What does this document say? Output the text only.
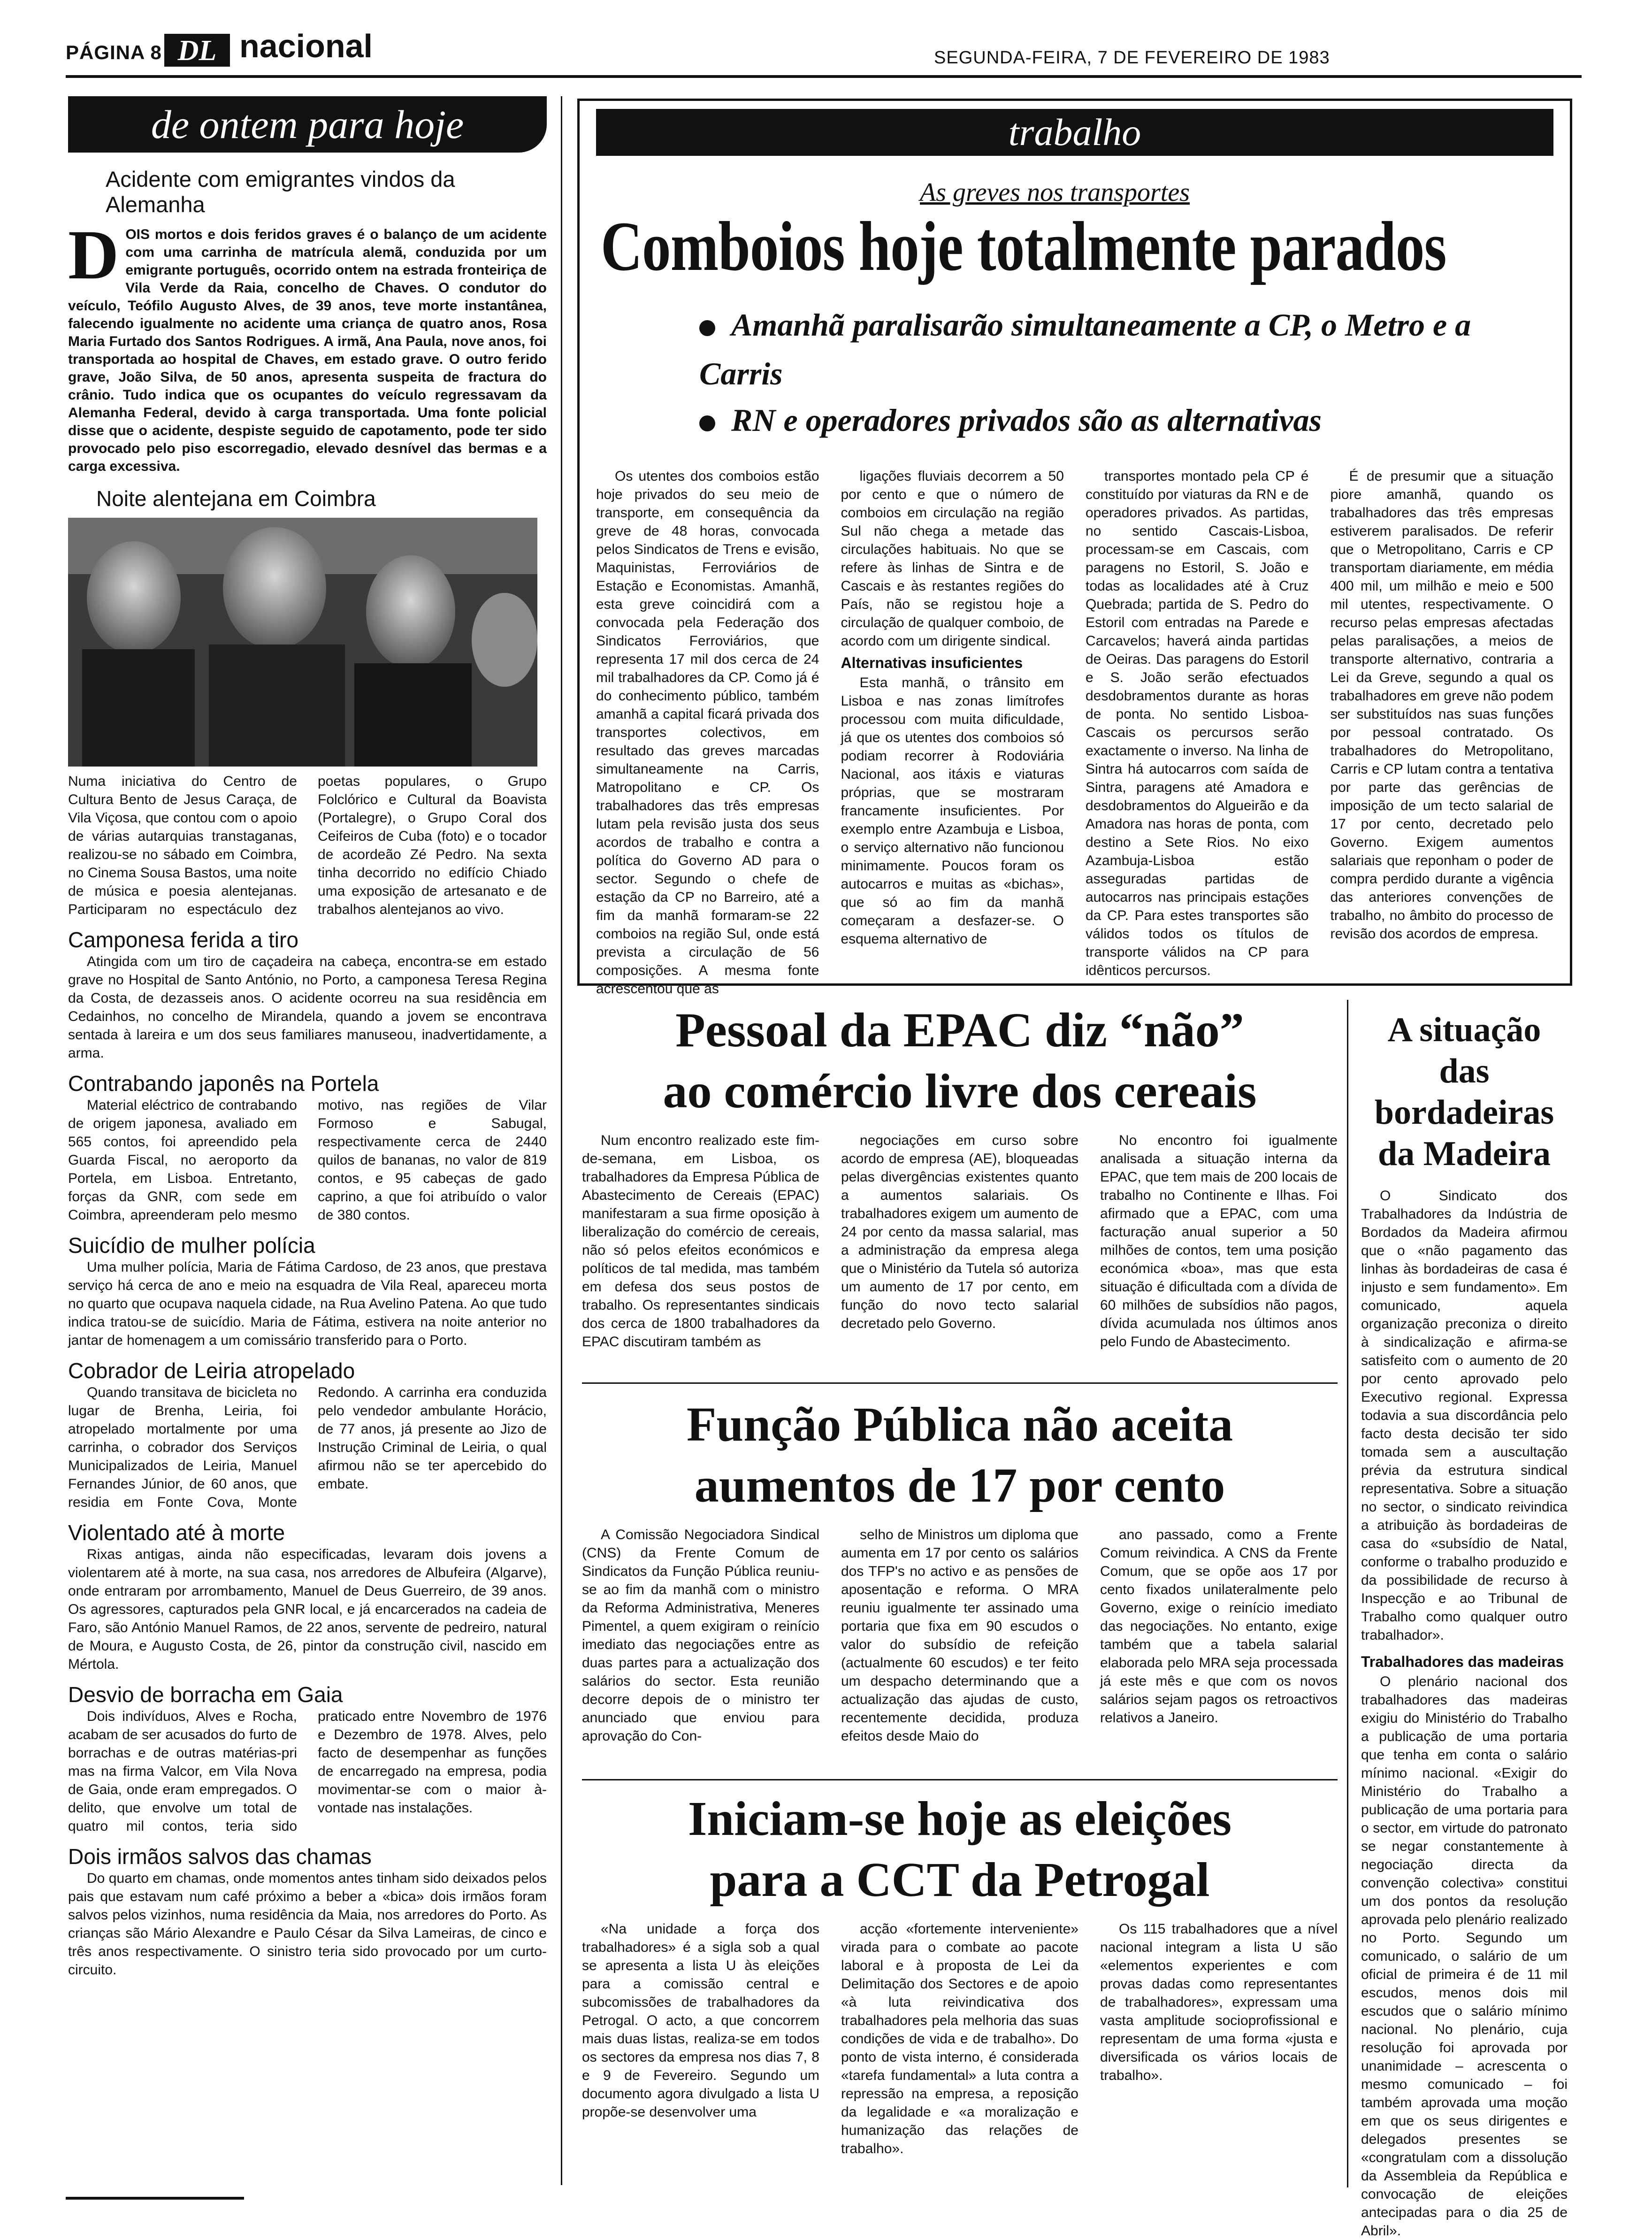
PÁGINA 8 DL nacional	SEGUNDA-FEIRA, 7 DE FEVEREIRO DE 1983
de ontem para hoje
Acidente com emigrantes vindos da Alemanha
D OIS mortos e dois feridos graves é o balanço de um acidente com uma carrinha de matrícula alemã, conduzida por um emigrante português, ocorrido ontem na estrada fronteiriça de Vila Verde da Raia, concelho de Chaves. O condutor do veículo, Teófilo Augusto Alves, de 39 anos, teve morte instantânea, falecendo igualmente no acidente uma criança de quatro anos, Rosa Maria Furtado dos Santos Rodrigues. A irmã, Ana Paula, nove anos, foi transportada ao hospital de Chaves, em estado grave. O outro ferido grave, João Silva, de 50 anos, apresenta suspeita de fractura do crânio. Tudo indica que os ocupantes do veículo regressavam da Alemanha Federal, devido à carga transportada. Uma fonte policial disse que o acidente, despiste seguido de capotamento, pode ter sido provocado pelo piso escorregadio, elevado desnível das bermas e a carga excessiva.

Noite alentejana em Coimbra

Numa iniciativa do Centro de Cultura Bento de Jesus Caraça, de Vila Viçosa, que contou com o apoio de várias autarquias transtaganas, realizou-se no sábado em Coimbra, no Cinema Sousa Bastos, uma noite de música e poesia alentejanas. Participaram no espectáculo dez poetas populares, o Grupo Folclórico e Cultural da Boavista (Portalegre), o Grupo Coral dos Ceifeiros de Cuba (foto) e o tocador de acordeão Zé Pedro. Na sexta tinha decorrido no edifício Chiado uma exposição de artesanato e de trabalhos alentejanos ao vivo.

Camponesa ferida a tiro

Atingida com um tiro de caçadeira na cabeça, encontra-se em estado grave no Hospital de Santo António, no Porto, a camponesa Teresa Regina da Costa, de dezasseis anos. O acidente ocorreu na sua residência em Cedainhos, no concelho de Mirandela, quando a jovem se encontrava sentada à lareira e um dos seus familiares manuseou, inadvertidamente, a arma.

Contrabando japonês na Portela

Material eléctrico de contrabando de origem japonesa, avaliado em 565 contos, foi apreendido pela Guarda Fiscal, no aeroporto da Portela, em Lisboa. Entretanto, forças da GNR, com sede em Coimbra, apreenderam pelo mesmo motivo, nas regiões de Vilar Formoso e Sabugal, respectivamente cerca de 2440 quilos de bananas, no valor de 819 contos, e 95 cabeças de gado caprino, a que foi atribuído o valor de 380 contos.

Suicídio de mulher polícia

Uma mulher polícia, Maria de Fátima Cardoso, de 23 anos, que prestava serviço há cerca de ano e meio na esquadra de Vila Real, apareceu morta no quarto que ocupava naquela cidade, na Rua Avelino Patena. Ao que tudo indica tratou-se de suicídio. Maria de Fátima, estivera na noite anterior no jantar de homenagem a um comissário transferido para o Porto.

Cobrador de Leiria atropelado

Quando transitava de bicicleta no lugar de Brenha, Leiria, foi atropelado mortalmente por uma carrinha, o cobrador dos Serviços Municipalizados de Leiria, Manuel Fernandes Júnior, de 60 anos, que residia em Fonte Cova, Monte Redondo. A carrinha era conduzida pelo vendedor ambulante Horácio, de 77 anos, já presente ao Jizo de Instrução Criminal de Leiria, o qual afirmou não se ter apercebido do embate.

Violentado até à morte

Rixas antigas, ainda não especificadas, levaram dois jovens a violentarem até à morte, na sua casa, nos arredores de Albufeira (Algarve), onde entraram por arrombamento, Manuel de Deus Guerreiro, de 39 anos. Os agressores, capturados pela GNR local, e já encarcerados na cadeia de Faro, são António Manuel Ramos, de 22 anos, servente de pedreiro, natural de Moura, e Augusto Costa, de 26, pintor da construção civil, nascido em Mértola.

Desvio de borracha em Gaia

Dois indivíduos, Alves e Rocha, acabam de ser acusados do furto de borrachas e de outras matérias-pri mas na firma Valcor, em Vila Nova de Gaia, onde eram empregados. O delito, que envolve um total de quatro mil contos, teria sido praticado entre Novembro de 1976 e Dezembro de 1978. Alves, pelo facto de desempenhar as funções de encarregado na empresa, podia movimentar-se com o maior à-vontade nas instalações.

Dois irmãos salvos das chamas

Do quarto em chamas, onde momentos antes tinham sido deixados pelos pais que estavam num café próximo a beber a «bica» dois irmãos foram salvos pelos vizinhos, numa residência da Maia, nos arredores do Porto. As crianças são Mário Alexandre e Paulo César da Silva Lameiras, de cinco e três anos respectivamente. O sinistro teria sido provocado por um curto-circuito.

trabalho
As greves nos transportes
Comboios hoje totalmente parados
Amanhã paralisarão simultaneamente a CP, o Metro e a Carris
RN e operadores privados são as alternativas

Os utentes dos comboios estão hoje privados do seu meio de transporte, em consequência da greve de 48 horas, convocada pelos Sindicatos de Trens e evisão, Maquinistas, Ferroviários de Estação e Economistas. Amanhã, esta greve coincidirá com a convocada pela Federação dos Sindicatos Ferroviários, que representa 17 mil dos cerca de 24 mil trabalhadores da CP. Como já é do conhecimento público, também amanhã a capital ficará privada dos transportes colectivos, em resultado das greves marcadas simultaneamente na Carris, Matropolitano e CP. Os trabalhadores das três empresas lutam pela revisão justa dos seus acordos de trabalho e contra a política do Governo AD para o sector. Segundo o chefe de estação da CP no Barreiro, até a fim da manhã formaram-se 22 comboios na região Sul, onde está prevista a circulação de 56 composições. A mesma fonte acrescentou que as

ligações fluviais decorrem a 50 por cento e que o número de comboios em circulação na região Sul não chega a metade das circulações habituais. No que se refere às linhas de Sintra e de Cascais e às restantes regiões do País, não se registou hoje a circulação de qualquer comboio, de acordo com um dirigente sindical.

Alternativas insuficientes

Esta manhã, o trânsito em Lisboa e nas zonas limítrofes processou com muita dificuldade, já que os utentes dos comboios só podiam recorrer à Rodoviária Nacional, aos itáxis e viaturas próprias, que se mostraram francamente insuficientes. Por exemplo entre Azambuja e Lisboa, o serviço alternativo não funcionou minimamente. Poucos foram os autocarros e muitas as «bichas», que só ao fim da manhã começaram a desfazer-se. O esquema alternativo de

transportes montado pela CP é constituído por viaturas da RN e de operadores privados. As partidas, no sentido Cascais-Lisboa, processam-se em Cascais, com paragens no Estoril, S. João e todas as localidades até à Cruz Quebrada; partida de S. Pedro do Estoril com entradas na Parede e Carcavelos; haverá ainda partidas de Oeiras. Das paragens do Estoril e S. João serão efectuados desdobramentos durante as horas de ponta. No sentido Lisboa-Cascais os percursos serão exactamente o inverso. Na linha de Sintra há autocarros com saída de Sintra, paragens até Amadora e desdobramentos do Algueirão e da Amadora nas horas de ponta, com destino a Sete Rios. No eixo Azambuja-Lisboa estão asseguradas partidas de autocarros nas principais estações da CP. Para estes transportes são válidos todos os títulos de transporte válidos na CP para idênticos percursos.

É de presumir que a situação piore amanhã, quando os trabalhadores das três empresas estiverem paralisados. De referir que o Metropolitano, Carris e CP transportam diariamente, em média 400 mil, um milhão e meio e 500 mil utentes, respectivamente. O recurso pelas empresas afectadas pelas paralisações, a meios de transporte alternativo, contraria a Lei da Greve, segundo a qual os trabalhadores em greve não podem ser substituídos nas suas funções por pessoal contratado. Os trabalhadores do Metropolitano, Carris e CP lutam contra a tentativa por parte das gerências de imposição de um tecto salarial de 17 por cento, decretado pelo Governo. Exigem aumentos salariais que reponham o poder de compra perdido durante a vigência das anteriores convenções de trabalho, no âmbito do processo de revisão dos acordos de empresa.

Pessoal da EPAC diz “não”
ao comércio livre dos cereais

Num encontro realizado este fim-de-semana, em Lisboa, os trabalhadores da Empresa Pública de Abastecimento de Cereais (EPAC) manifestaram a sua firme oposição à liberalização do comércio de cereais, não só pelos efeitos económicos e políticos de tal medida, mas também em defesa dos seus postos de trabalho. Os representantes sindicais dos cerca de 1800 trabalhadores da EPAC discutiram também as

negociações em curso sobre acordo de empresa (AE), bloqueadas pelas divergências existentes quanto a aumentos salariais. Os trabalhadores exigem um aumento de 24 por cento da massa salarial, mas a administração da empresa alega que o Ministério da Tutela só autoriza um aumento de 17 por cento, em função do novo tecto salarial decretado pelo Governo.

No encontro foi igualmente analisada a situação interna da EPAC, que tem mais de 200 locais de trabalho no Continente e Ilhas. Foi afirmado que a EPAC, com uma facturação anual superior a 50 milhões de contos, tem uma posição económica «boa», mas que esta situação é dificultada com a dívida de 60 milhões de subsídios não pagos, dívida acumulada nos últimos anos pelo Fundo de Abastecimento.

Função Pública não aceita
aumentos de 17 por cento

A Comissão Negociadora Sindical (CNS) da Frente Comum de Sindicatos da Função Pública reuniu-se ao fim da manhã com o ministro da Reforma Administrativa, Meneres Pimentel, a quem exigiram o reinício imediato das negociações entre as duas partes para a actualização dos salários do sector. Esta reunião decorre depois de o ministro ter anunciado que enviou para aprovação do Con-

selho de Ministros um diploma que aumenta em 17 por cento os salários dos TFP's no activo e as pensões de aposentação e reforma. O MRA reuniu igualmente ter assinado uma portaria que fixa em 90 escudos o valor do subsídio de refeição (actualmente 60 escudos) e ter feito um despacho determinando que a actualização das ajudas de custo, recentemente decidida, produza efeitos desde Maio do

ano passado, como a Frente Comum reivindica. A CNS da Frente Comum, que se opõe aos 17 por cento fixados unilateralmente pelo Governo, exige o reinício imediato das negociações. No entanto, exige também que a tabela salarial elaborada pelo MRA seja processada já este mês e que com os novos salários sejam pagos os retroactivos relativos a Janeiro.

Iniciam-se hoje as eleições
para a CCT da Petrogal

«Na unidade a força dos trabalhadores» é a sigla sob a qual se apresenta a lista U às eleições para a comissão central e subcomissões de trabalhadores da Petrogal. O acto, a que concorrem mais duas listas, realiza-se em todos os sectores da empresa nos dias 7, 8 e 9 de Fevereiro. Segundo um documento agora divulgado a lista U propõe-se desenvolver uma

acção «fortemente interveniente» virada para o combate ao pacote laboral e à proposta de Lei da Delimitação dos Sectores e de apoio «à luta reivindicativa dos trabalhadores pela melhoria das suas condições de vida e de trabalho». Do ponto de vista interno, é considerada «tarefa fundamental» a luta contra a repressão na empresa, a reposição da legalidade e «a moralização e humanização das relações de trabalho».

Os 115 trabalhadores que a nível nacional integram a lista U são «elementos experientes e com provas dadas como representantes de trabalhadores», expressam uma vasta amplitude socioprofissional e representam de uma forma «justa e diversificada os vários locais de trabalho».

A situação das bordadeiras da Madeira

O Sindicato dos Trabalhadores da Indústria de Bordados da Madeira afirmou que o «não pagamento das linhas às bordadeiras de casa é injusto e sem fundamento». Em comunicado, aquela organização preconiza o direito à sindicalização e afirma-se satisfeito com o aumento de 20 por cento aprovado pelo Executivo regional. Expressa todavia a sua discordância pelo facto desta decisão ter sido tomada sem a auscultação prévia da estrutura sindical representativa. Sobre a situação no sector, o sindicato reivindica a atribuição às bordadeiras de casa do «subsídio de Natal, conforme o trabalho produzido e da possibilidade de recurso à Inspecção e ao Tribunal de Trabalho como qualquer outro trabalhador».

Trabalhadores das madeiras

O plenário nacional dos trabalhadores das madeiras exigiu do Ministério do Trabalho a publicação de uma portaria que tenha em conta o salário mínimo nacional. «Exigir do Ministério do Trabalho a publicação de uma portaria para o sector, em virtude do patronato se negar constantemente à negociação directa da convenção colectiva» constitui um dos pontos da resolução aprovada pelo plenário realizado no Porto. Segundo um comunicado, o salário de um oficial de primeira é de 11 mil escudos, menos dois mil escudos que o salário mínimo nacional. No plenário, cuja resolução foi aprovada por unanimidade – acrescenta o mesmo comunicado – foi também aprovada uma moção em que os seus dirigentes e delegados presentes se «congratulam com a dissolução da Assembleia da República e convocação de eleições antecipadas para o dia 25 de Abril».
